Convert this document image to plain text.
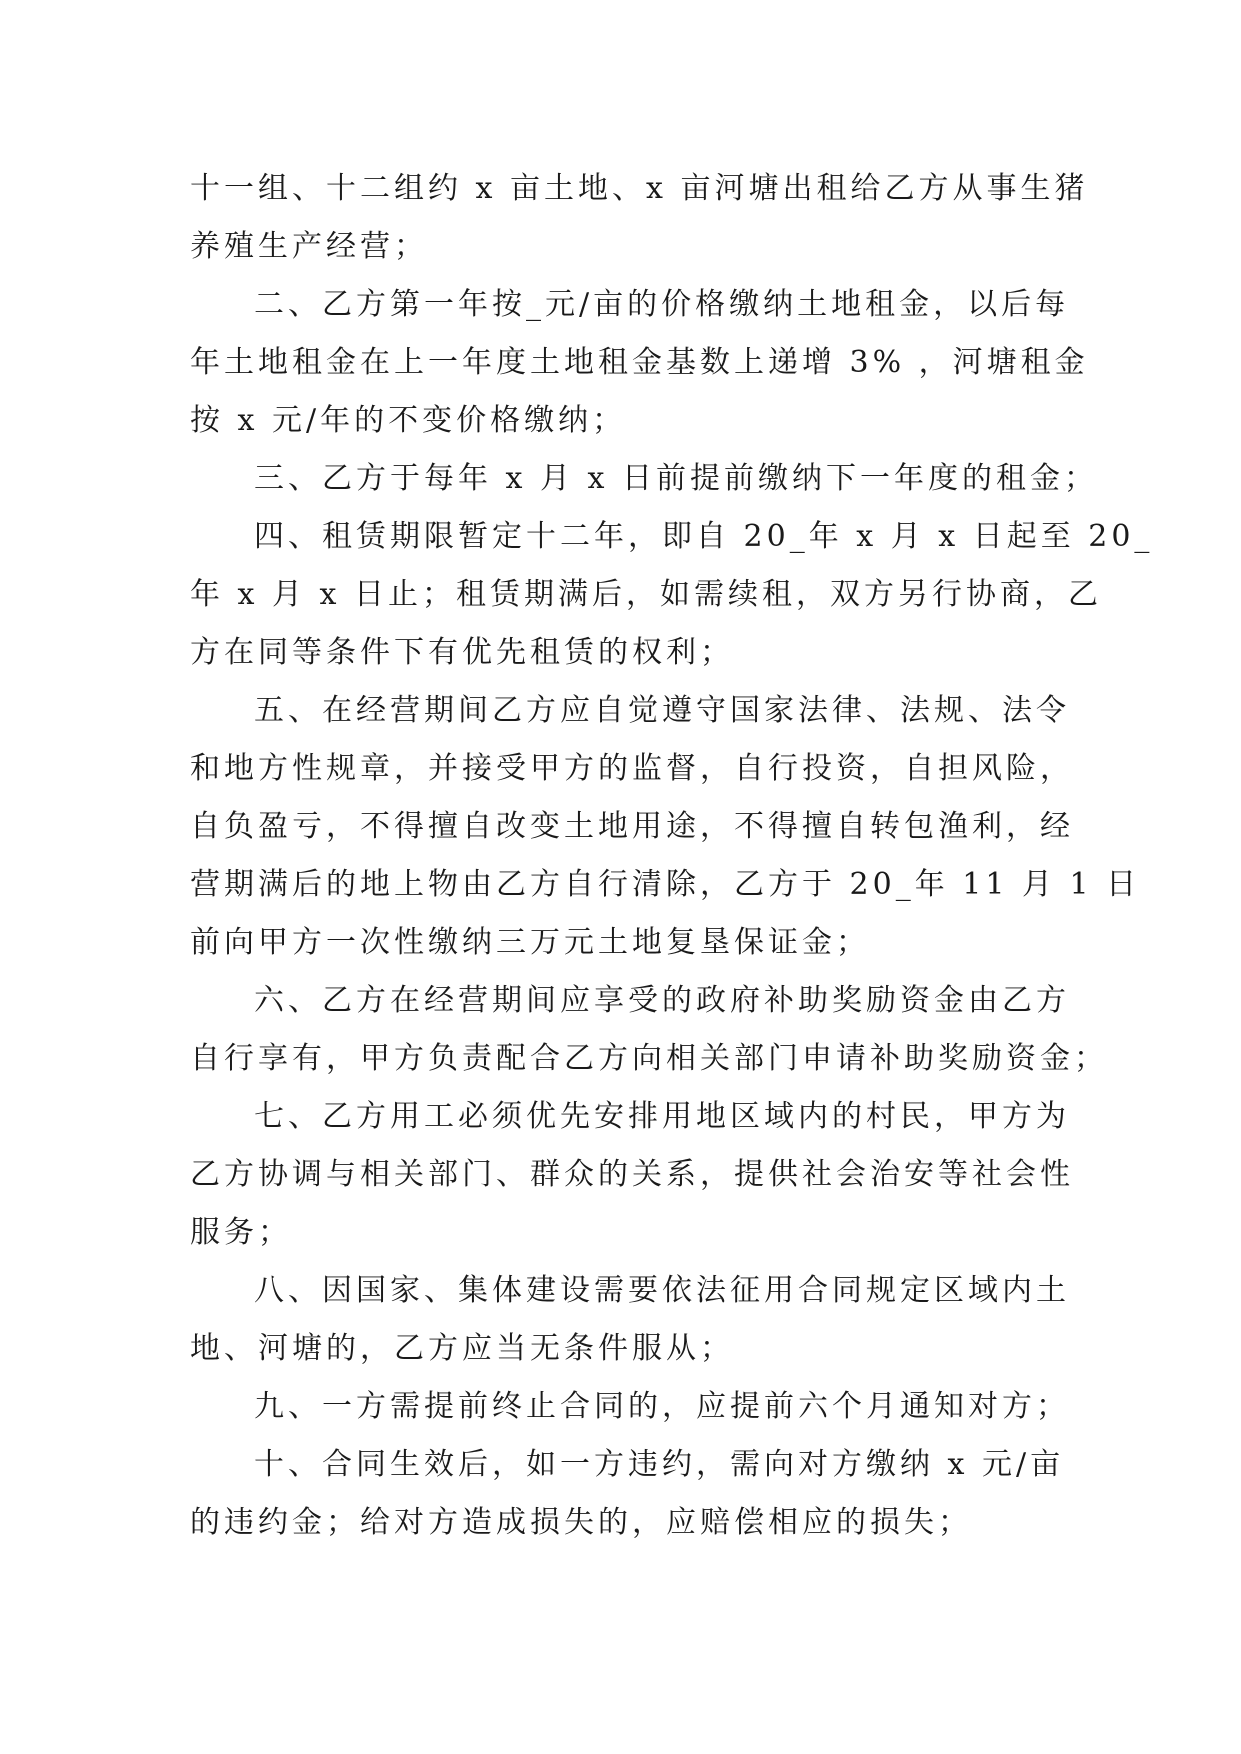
十一组、十二组约 x 亩土地、x 亩河塘出租给乙方从事生猪
养殖生产经营；
二、乙方第一年按_元/亩的价格缴纳土地租金，以后每
年土地租金在上一年度土地租金基数上递增 3% ，河塘租金
按 x 元/年的不变价格缴纳；
三、乙方于每年 x 月 x 日前提前缴纳下一年度的租金；
四、租赁期限暂定十二年，即自 20_年 x 月 x 日起至 20_
年 x 月 x 日止；租赁期满后，如需续租，双方另行协商，乙
方在同等条件下有优先租赁的权利；
五、在经营期间乙方应自觉遵守国家法律、法规、法令
和地方性规章，并接受甲方的监督，自行投资，自担风险，
自负盈亏，不得擅自改变土地用途，不得擅自转包渔利，经
营期满后的地上物由乙方自行清除，乙方于 20_年 11 月 1 日
前向甲方一次性缴纳三万元土地复垦保证金；
六、乙方在经营期间应享受的政府补助奖励资金由乙方
自行享有，甲方负责配合乙方向相关部门申请补助奖励资金；
七、乙方用工必须优先安排用地区域内的村民，甲方为
乙方协调与相关部门、群众的关系，提供社会治安等社会性
服务；
八、因国家、集体建设需要依法征用合同规定区域内土
地、河塘的，乙方应当无条件服从；
九、一方需提前终止合同的，应提前六个月通知对方；
十、合同生效后，如一方违约，需向对方缴纳 x 元/亩
的违约金；给对方造成损失的，应赔偿相应的损失；
